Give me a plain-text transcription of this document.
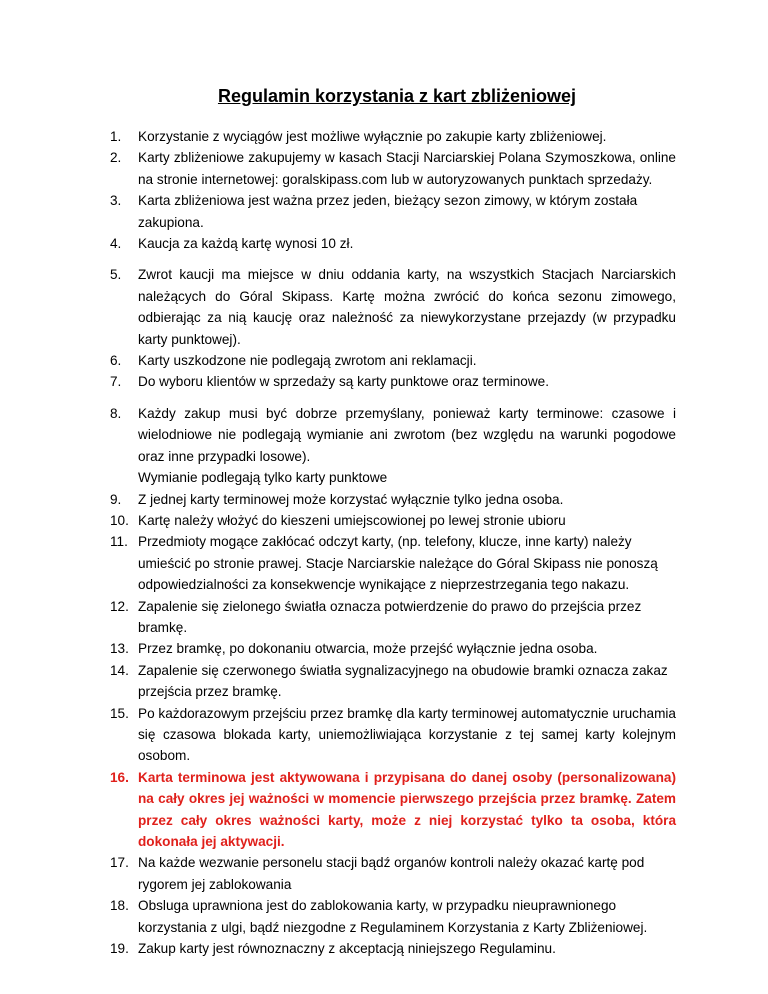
Regulamin korzystania z kart zbliżeniowej
1.	Korzystanie z wyciągów jest możliwe wyłącznie po zakupie karty zbliżeniowej.
2.	Karty zbliżeniowe zakupujemy w kasach Stacji Narciarskiej Polana Szymoszkowa, online na stronie internetowej: goralskipass.com lub w autoryzowanych punktach sprzedaży.
3.	Karta zbliżeniowa jest ważna przez jeden, bieżący sezon zimowy, w którym została zakupiona.
4.	Kaucja za każdą kartę wynosi 10 zł.
5.	Zwrot kaucji ma miejsce w dniu oddania karty, na wszystkich Stacjach Narciarskich należących do Góral Skipass. Kartę można zwrócić do końca sezonu zimowego, odbierając za nią kaucję oraz należność za niewykorzystane przejazdy (w przypadku karty punktowej).
6.	Karty uszkodzone nie podlegają zwrotom ani reklamacji.
7.	Do wyboru klientów w sprzedaży są karty punktowe oraz terminowe.
8.	Każdy zakup musi być dobrze przemyślany, ponieważ karty terminowe: czasowe i wielodniowe nie podlegają wymianie ani zwrotom (bez względu na warunki pogodowe oraz inne przypadki losowe).
Wymianie podlegają tylko karty punktowe
9.	Z jednej karty terminowej może korzystać wyłącznie tylko jedna osoba.
10. Kartę należy włożyć do kieszeni umiejscowionej po lewej stronie ubioru
11. Przedmioty mogące zakłócać odczyt karty, (np. telefony, klucze, inne karty) należy umieścić po stronie prawej. Stacje Narciarskie należące do Góral Skipass nie ponoszą odpowiedzialności za konsekwencje wynikające z nieprzestrzegania tego nakazu.
12. Zapalenie się zielonego światła oznacza potwierdzenie do prawo do przejścia przez bramkę.
13. Przez bramkę, po dokonaniu otwarcia, może przejść wyłącznie jedna osoba.
14. Zapalenie się czerwonego światła sygnalizacyjnego na obudowie bramki oznacza zakaz przejścia przez bramkę.
15. Po każdorazowym przejściu przez bramkę dla karty terminowej automatycznie uruchamia się czasowa blokada karty, uniemożliwiająca korzystanie z tej samej karty kolejnym osobom.
16. Karta terminowa jest aktywowana i przypisana do danej osoby (personalizowana) na cały okres jej ważności w momencie pierwszego przejścia przez bramkę. Zatem przez cały okres ważności karty, może z niej korzystać tylko ta osoba, która dokonała jej aktywacji.
17. Na każde wezwanie personelu stacji bądź organów kontroli należy okazać kartę pod rygorem jej zablokowania
18. Obsluga uprawniona jest do zablokowania karty, w przypadku nieuprawnionego korzystania z ulgi, bądź niezgodne z Regulaminem Korzystania z Karty Zbliżeniowej.
19. Zakup karty jest równoznaczny z akceptacją niniejszego Regulaminu.
